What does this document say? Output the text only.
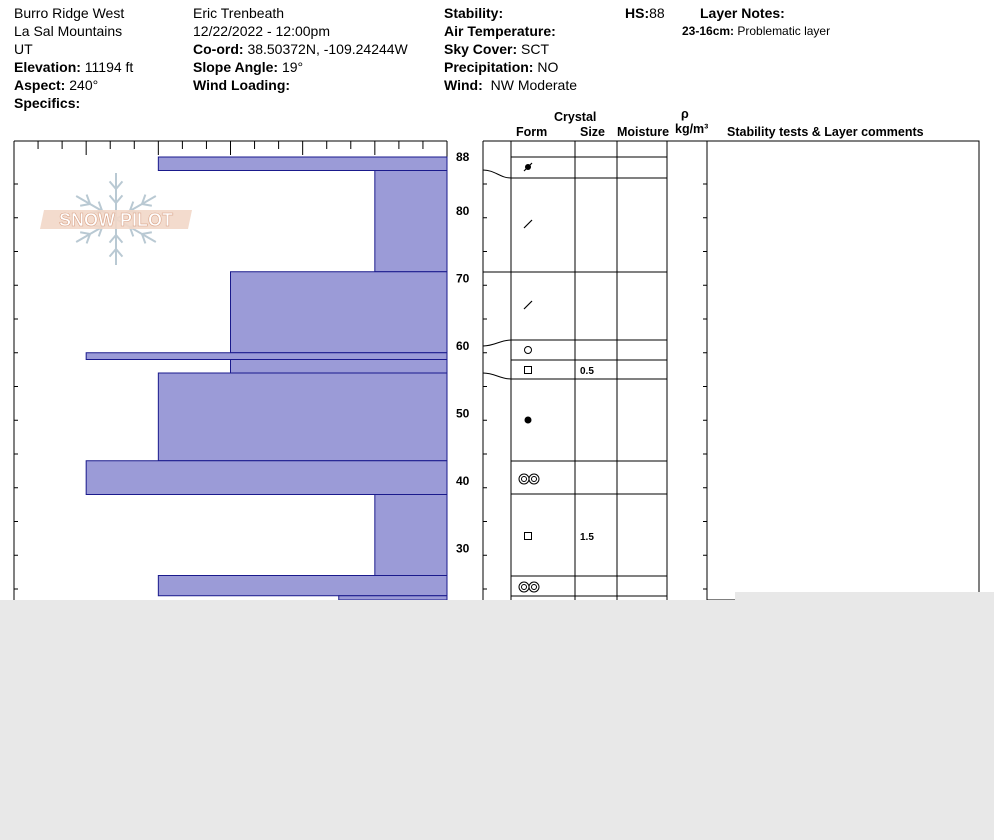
88
80
70
60
50
40
30
0.5
1.5
SNOW PILOT
Burro Ridge West
La Sal Mountains
UT
Elevation: 11194 ft
Aspect: 240°
Specifics:
Eric Trenbeath
12/22/2022 - 12:00pm
Co-ord: 38.50372N, -109.24244W
Slope Angle: 19°
Wind Loading:
Stability:
Air Temperature:
Sky Cover: SCT
Precipitation: NO
Wind: NW Moderate
HS:88	Layer Notes:
23-16cm: Problematic layer
Crystal
Form	Size Moisture
ρ
kg/m³ Stability tests & Layer comments
